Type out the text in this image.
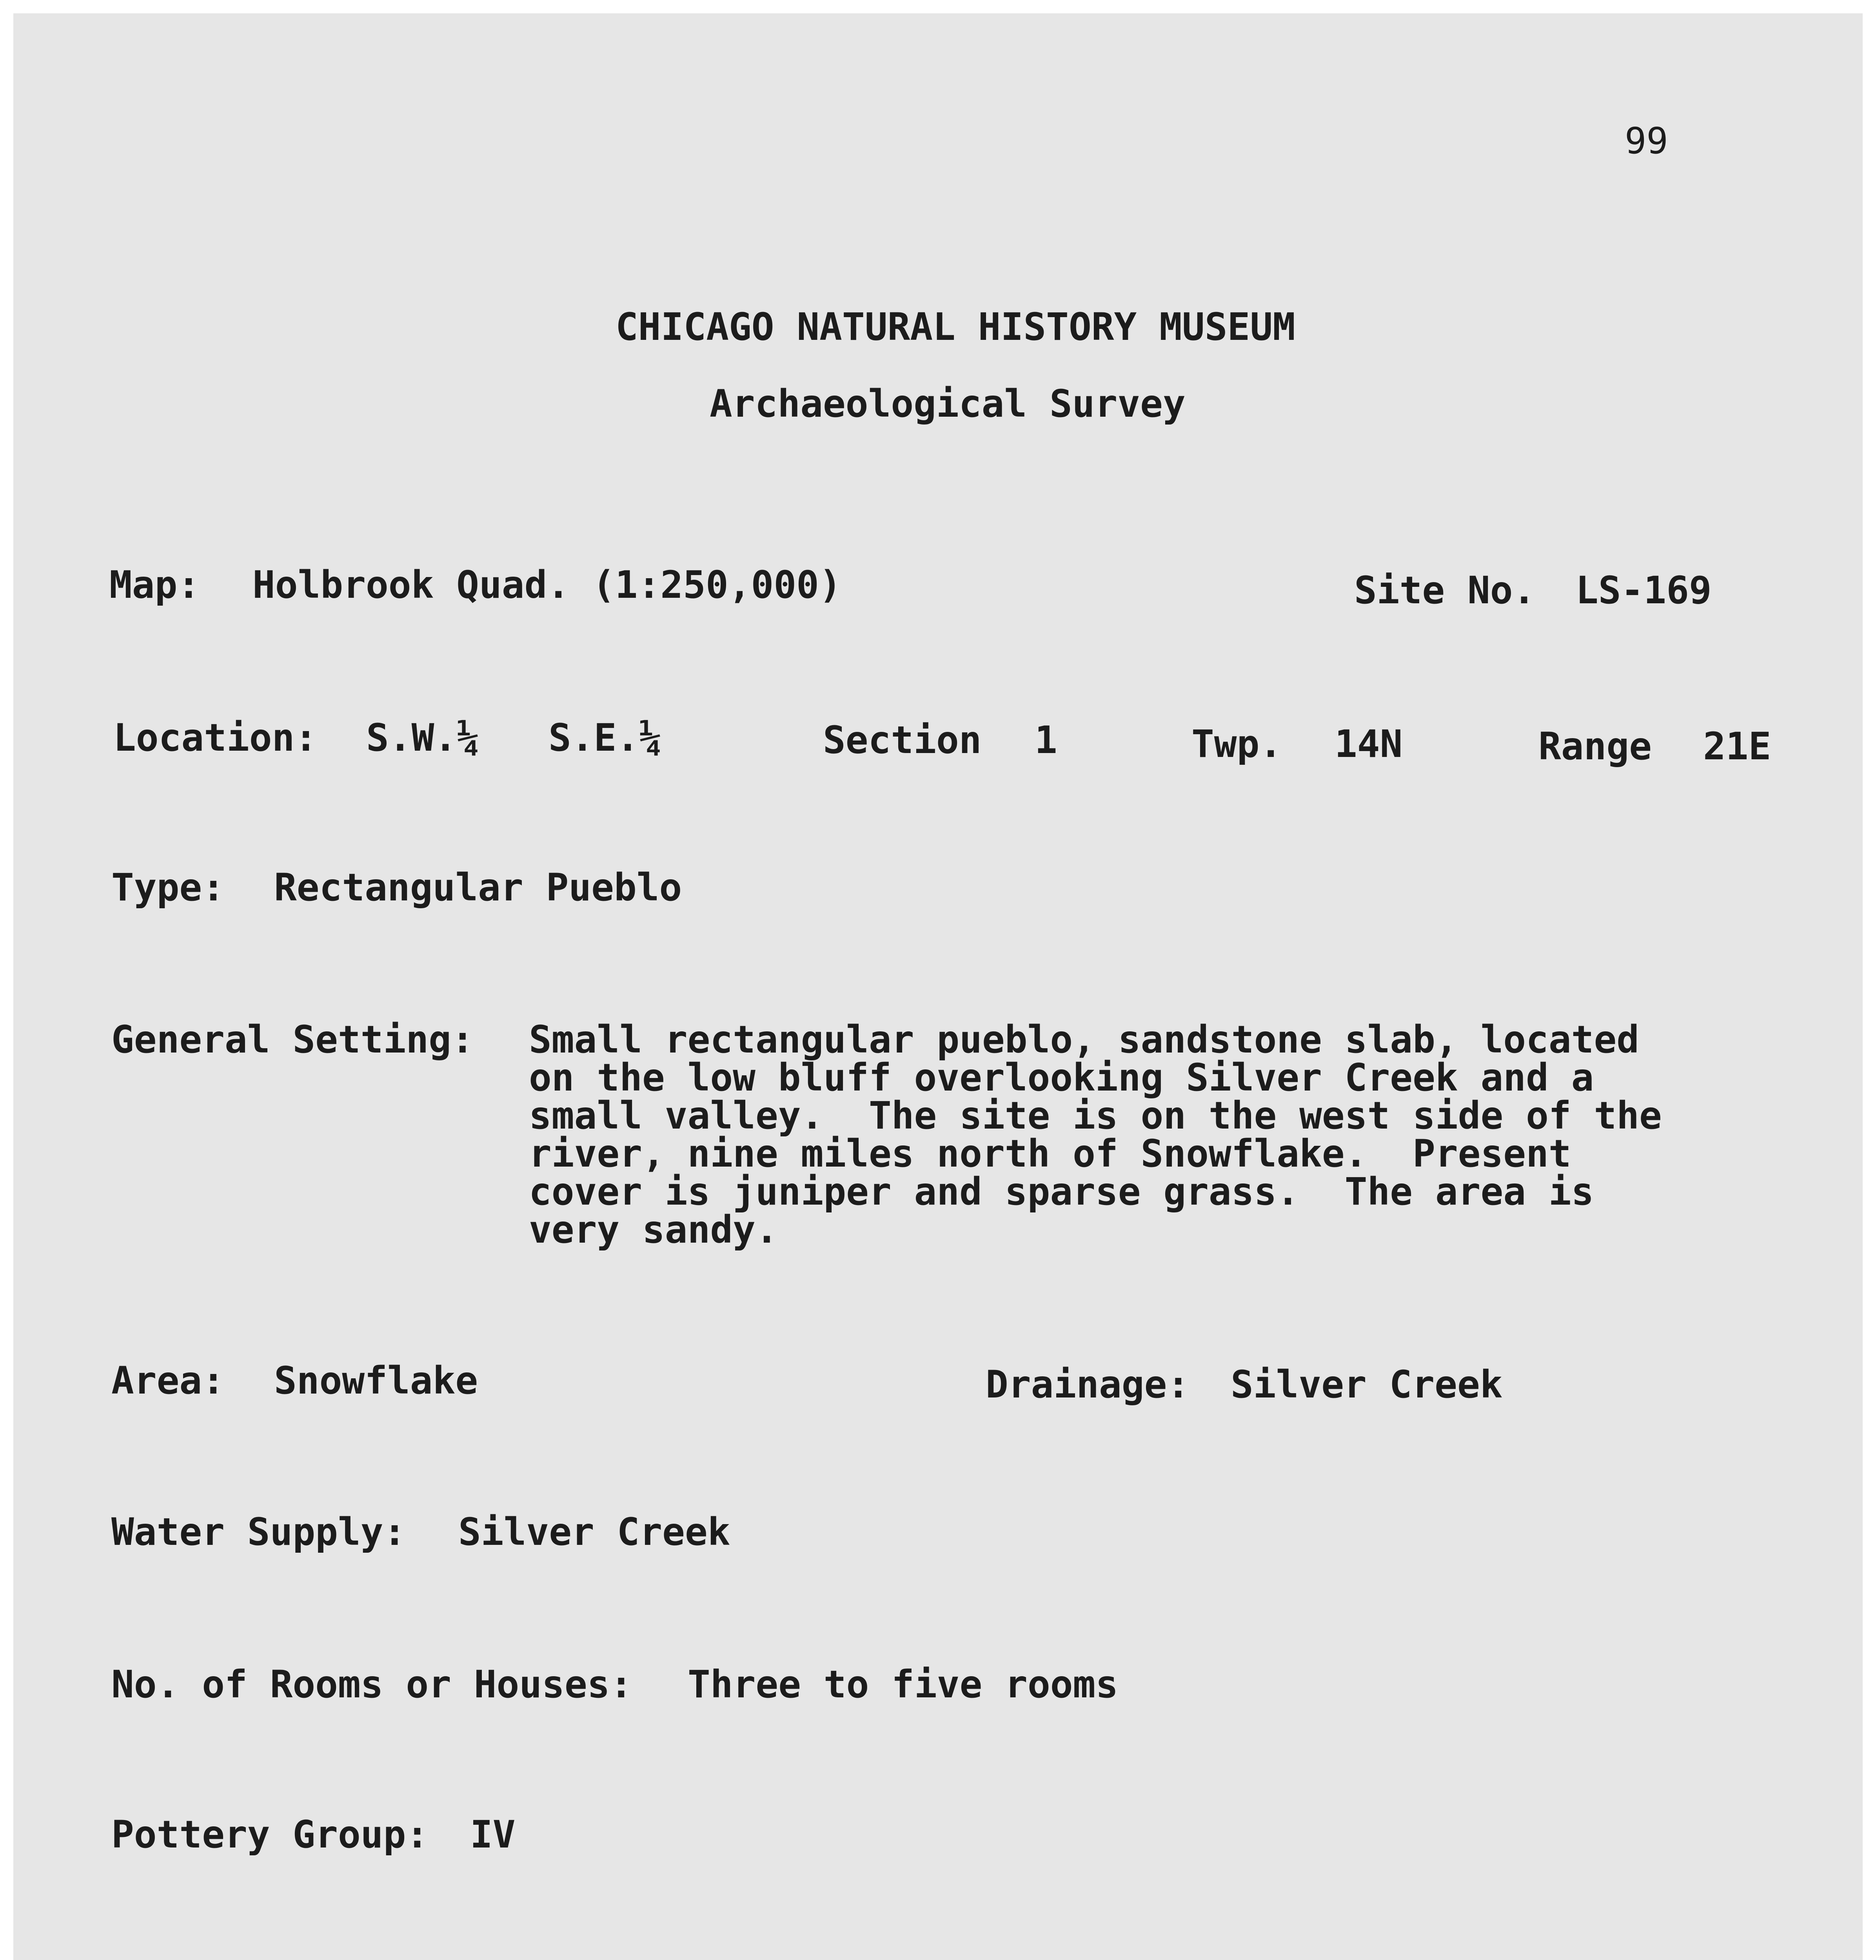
99
CHICAGO NATURAL HISTORY MUSEUM
Archaeological Survey
Map: Holbrook Quad. (1:250,000)	Site No. LS-169
Location: S.W.¼ S.E.¼	Section 1	Twp. 14N	Range 21E
Type: Rectangular Pueblo
General Setting: Small rectangular pueblo, sandstone slab, located
on the low bluff overlooking Silver Creek and a
small valley.  The site is on the west side of the
river, nine miles north of Snowflake.  Present
cover is juniper and sparse grass.  The area is
very sandy.
Area: Snowflake	Drainage: Silver Creek
Water Supply: Silver Creek
No. of Rooms or Houses: Three to five rooms
Pottery Group: IV
